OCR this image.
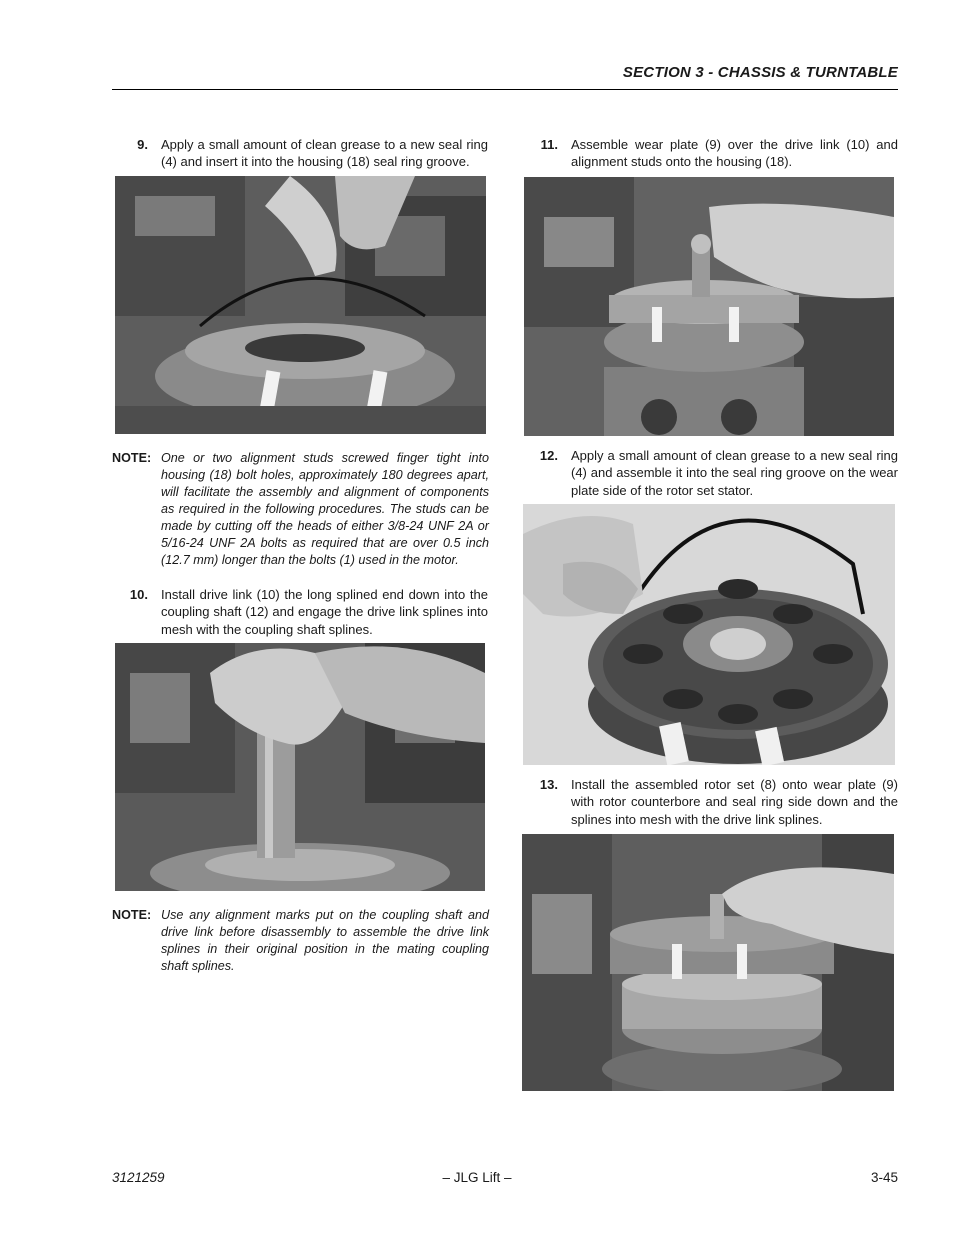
SECTION 3 - CHASSIS & TURNTABLE
9. Apply a small amount of clean grease to a new seal ring (4) and insert it into the housing (18) seal ring groove.
NOTE: One or two alignment studs screwed finger tight into housing (18) bolt holes, approximately 180 degrees apart, will facilitate the assembly and alignment of components as required in the following procedures. The studs can be made by cutting off the heads of either 3/8-24 UNF 2A or 5/16-24 UNF 2A bolts as required that are over 0.5 inch (12.7 mm) longer than the bolts (1) used in the motor.
10. Install drive link (10) the long splined end down into the coupling shaft (12) and engage the drive link splines into mesh with the coupling shaft splines.
NOTE: Use any alignment marks put on the coupling shaft and drive link before disassembly to assemble the drive link splines in their original position in the mating coupling shaft splines.
11. Assemble wear plate (9) over the drive link (10) and alignment studs onto the housing (18).
12. Apply a small amount of clean grease to a new seal ring (4) and assemble it into the seal ring groove on the wear plate side of the rotor set stator.
13. Install the assembled rotor set (8) onto wear plate (9) with rotor counterbore and seal ring side down and the splines into mesh with the drive link splines.
3121259	– JLG Lift –	3-45
